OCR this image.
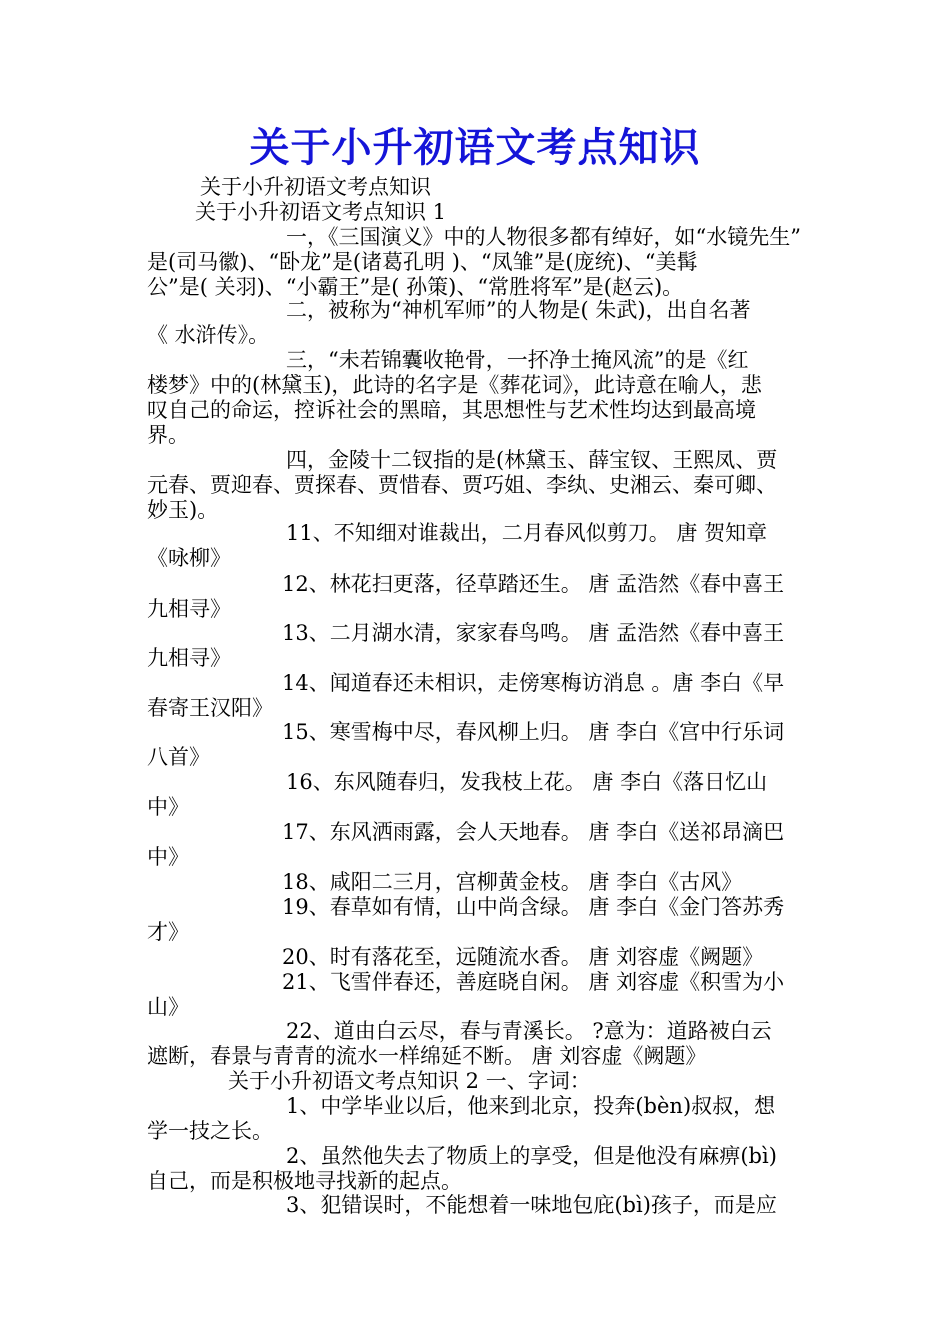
关于小升初语文考点知识
关于小升初语文考点知识
关于小升初语文考点知识 1
一，《三国演义》中的人物很多都有绰好，如“水镜先生”
是(司马徽)、“卧龙”是(诸葛孔明 )、“凤雏”是(庞统)、“美髯
公”是( 关羽)、“小霸王”是( 孙策)、“常胜将军”是(赵云)。
二，被称为“神机军师”的人物是( 朱武)，出自名著
《 水浒传》。
三，“未若锦囊收艳骨，一抔净土掩风流”的是《红
楼梦》中的(林黛玉)，此诗的名字是《葬花词》，此诗意在喻人，悲
叹自己的命运，控诉社会的黑暗，其思想性与艺术性均达到最高境
界。
四，金陵十二钗指的是(林黛玉、薛宝钗、王熙凤、贾
元春、贾迎春、贾探春、贾惜春、贾巧姐、李纨、史湘云、秦可卿、
妙玉)。
11、不知细对谁裁出，二月春风似剪刀。 唐 贺知章
《咏柳》
12、林花扫更落，径草踏还生。 唐 孟浩然《春中喜王
九相寻》
13、二月湖水清，家家春鸟鸣。 唐 孟浩然《春中喜王
九相寻》
14、闻道春还未相识，走傍寒梅访消息 。唐 李白《早
春寄王汉阳》
15、寒雪梅中尽，春风柳上归。 唐 李白《宫中行乐词
八首》
16、东风随春归，发我枝上花。 唐 李白《落日忆山
中》
17、东风洒雨露，会人天地春。 唐 李白《送祁昂滴巴
中》
18、咸阳二三月，宫柳黄金枝。 唐 李白《古风》
19、春草如有情，山中尚含绿。 唐 李白《金门答苏秀
才》
20、时有落花至，远随流水香。 唐 刘容虚《阙题》
21、飞雪伴春还，善庭晓自闲。 唐 刘容虚《积雪为小
山》
22、道由白云尽，春与青溪长。 ?意为：道路被白云
遮断，春景与青青的流水一样绵延不断。 唐 刘容虚《阙题》
关于小升初语文考点知识 2 一、字词：
1、中学毕业以后，他来到北京，投奔(bèn)叔叔，想
学一技之长。
2、虽然他失去了物质上的享受，但是他没有麻痹(bì)
自己，而是积极地寻找新的起点。
3、犯错误时，不能想着一味地包庇(bì)孩子，而是应
